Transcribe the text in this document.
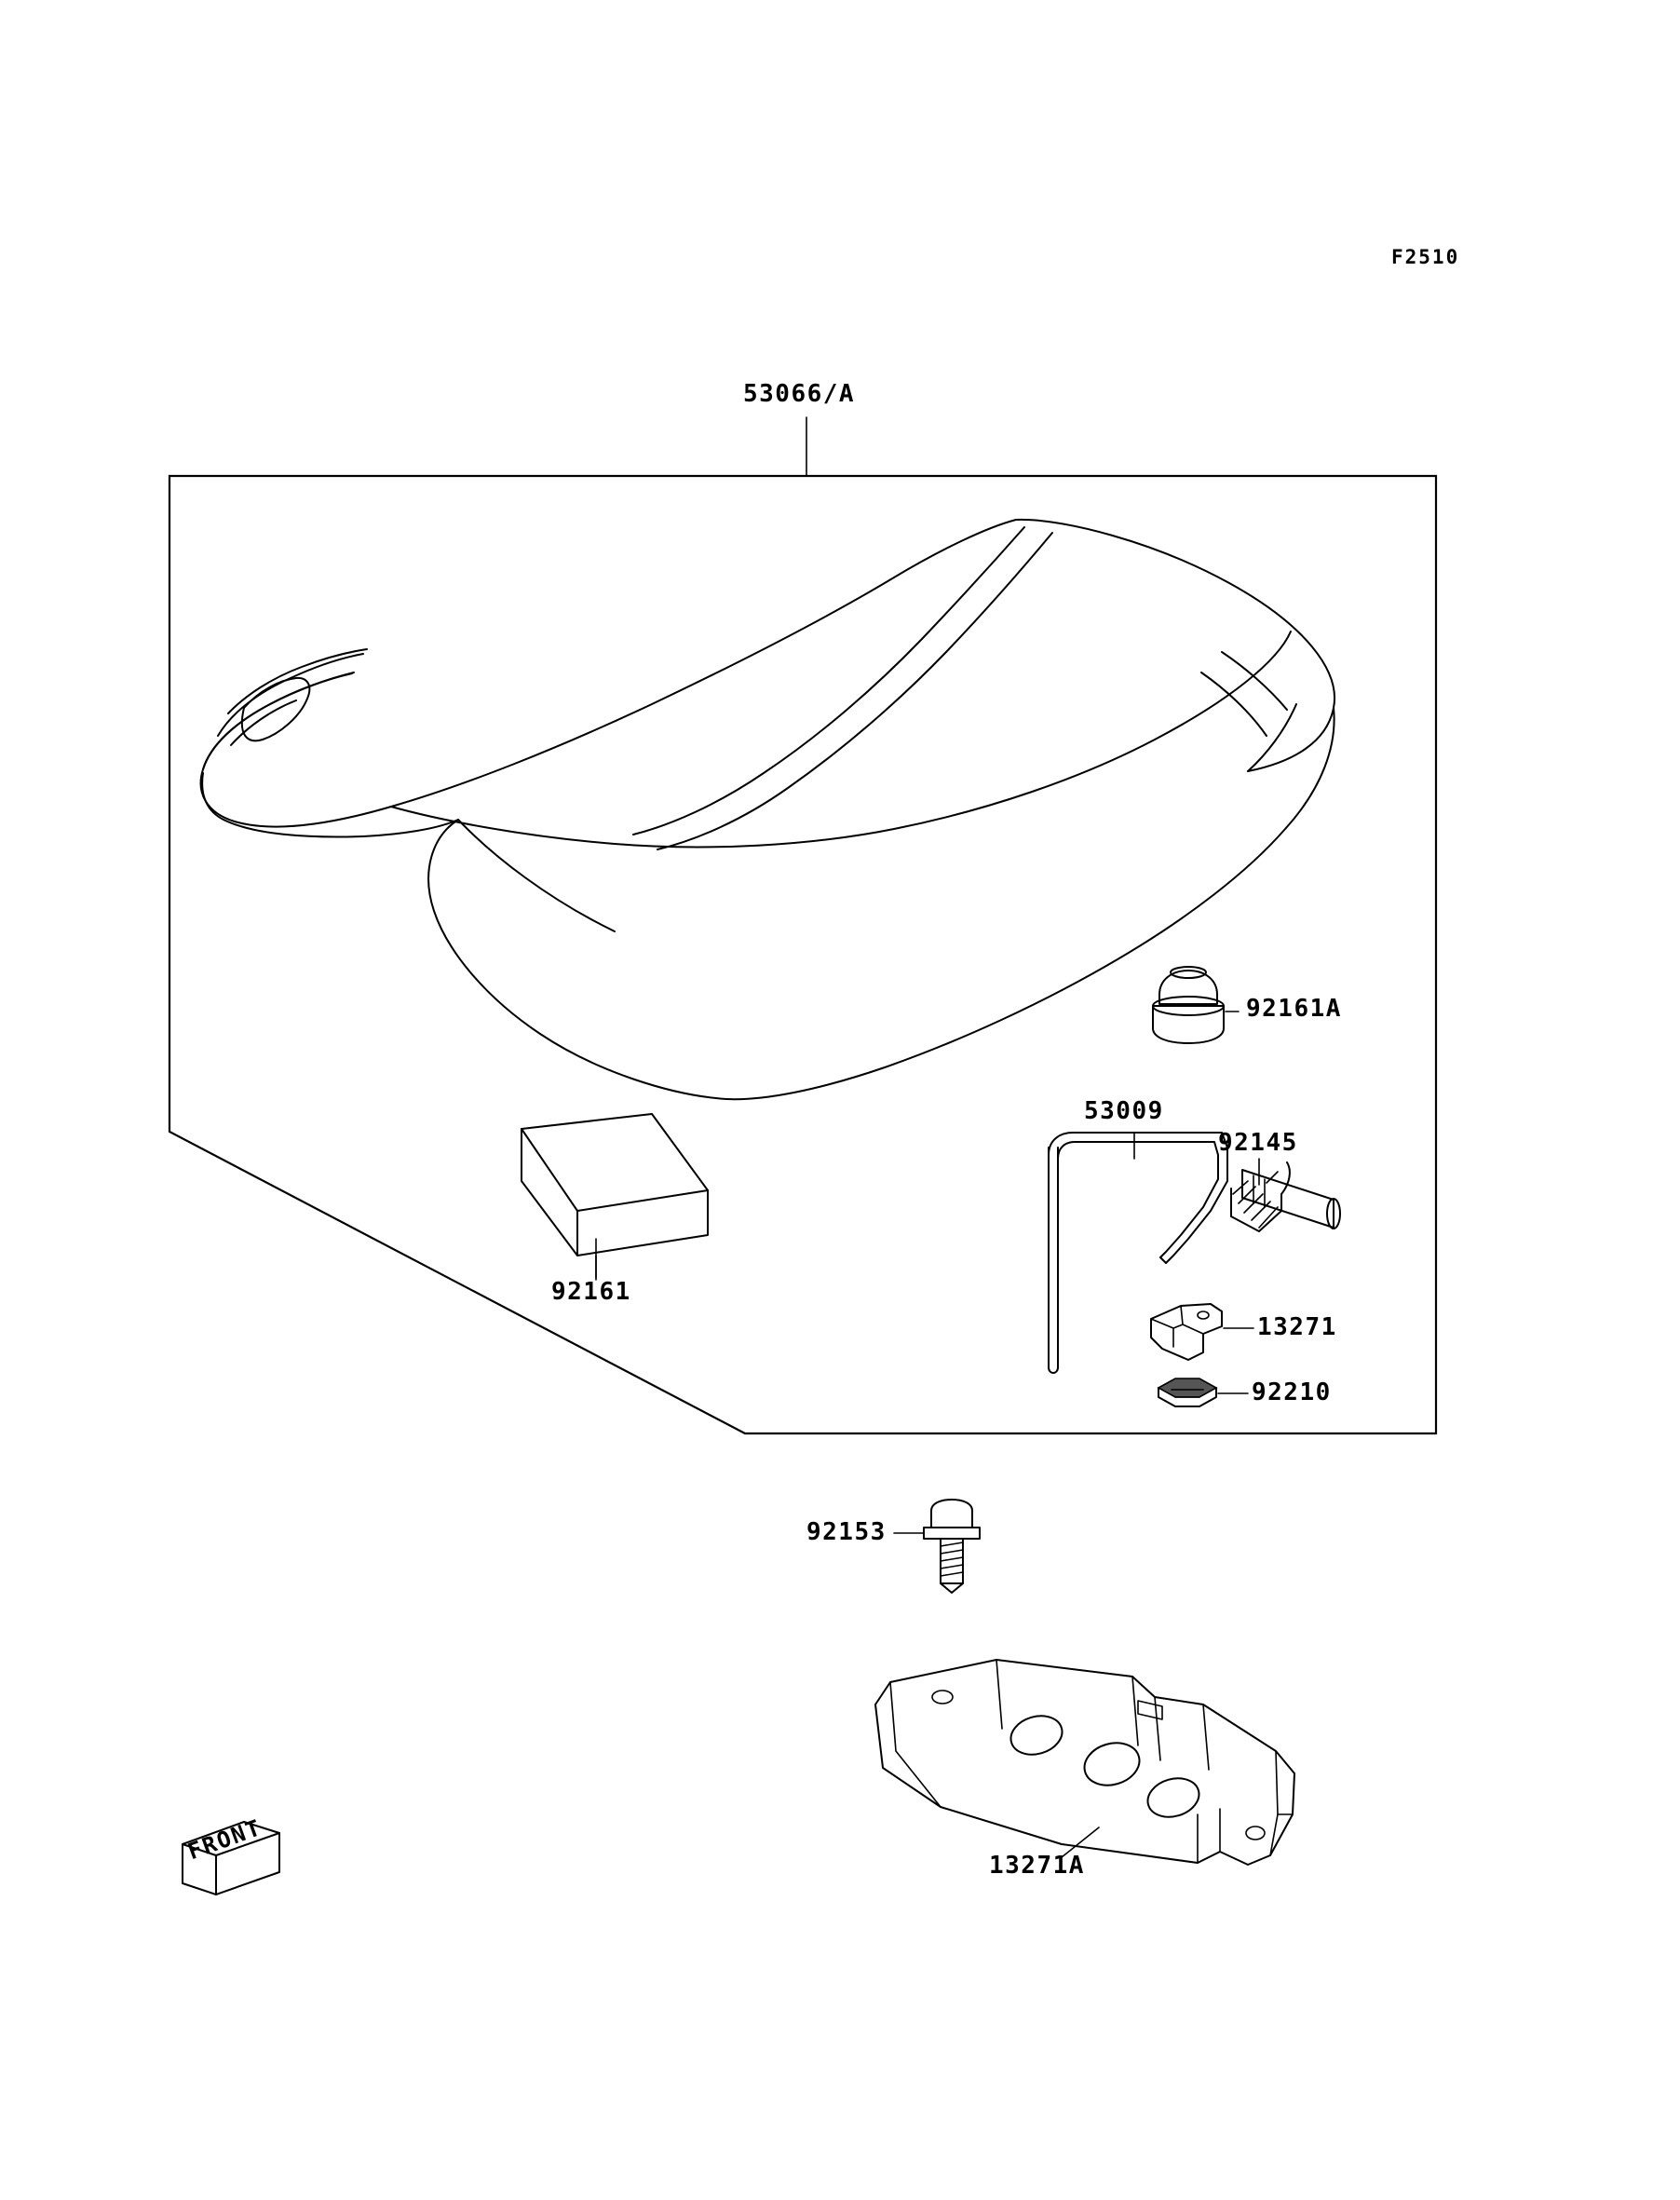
F2510
53066/A
92161A
53009
92145
13271
92210
92161
92153
13271A
FRONT
